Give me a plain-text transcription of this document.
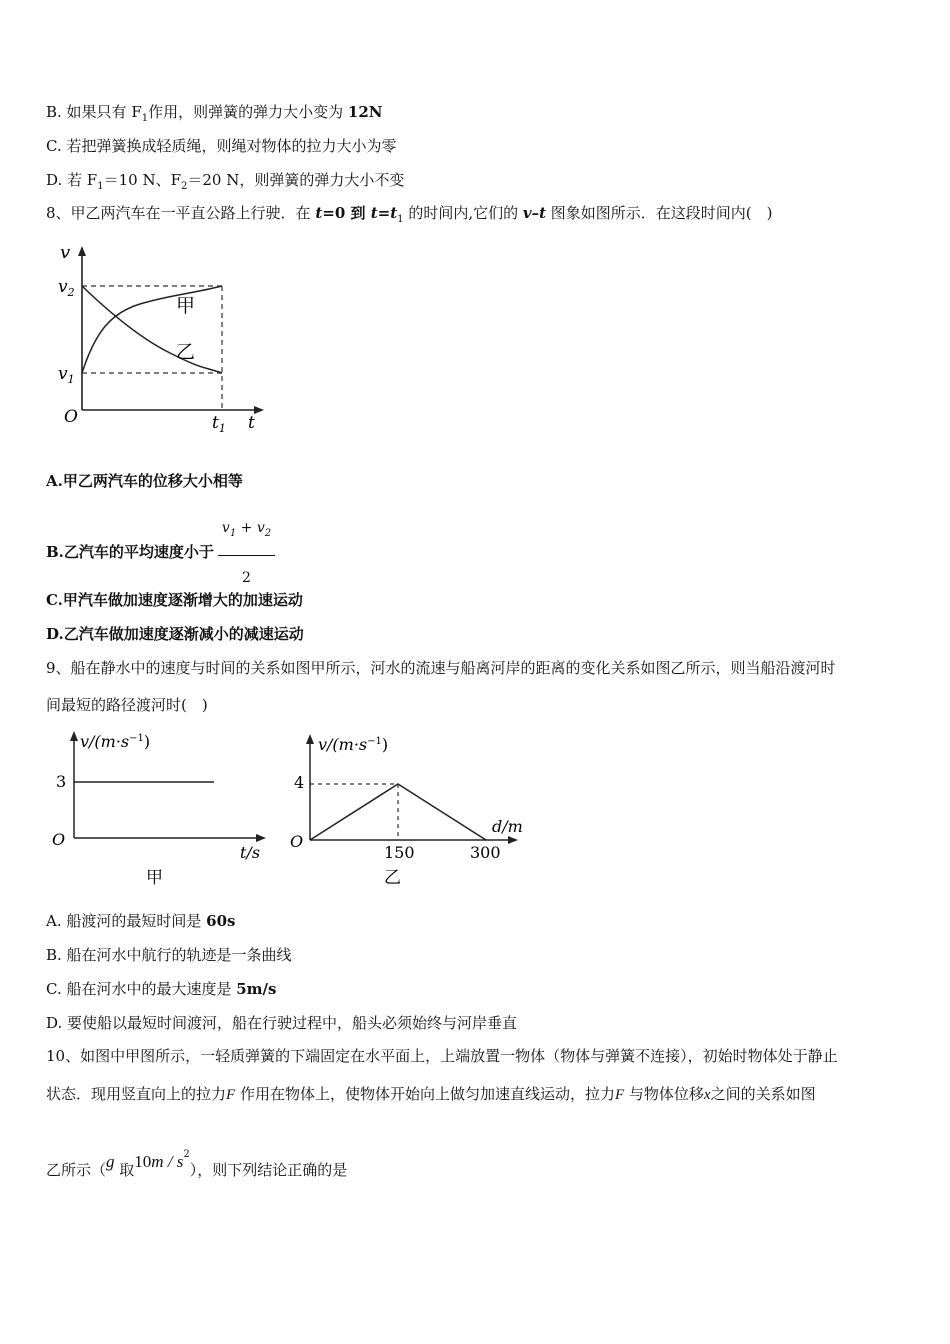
B. 如果只有 $F_1$作用，则弹簧的弹力大小变为 12N
C. 若把弹簧换成轻质绳，则绳对物体的拉力大小为零
D. 若 $F_1=10$ N、$F_2=20$ N，则弹簧的弹力大小不变
8、甲乙两汽车在一平直公路上行驶．在 t=0 到 $t=t_1$ 的时间内,它们的 v–t 图象如图所示．在这段时间内(　)
v
$v_2$
$v_1$
O	$t_1$ t
甲
乙
A.甲乙两汽车的位移大小相等
B.乙汽车的平均速度小于 $\frac{v_1 + v_2}{2}$
C.甲汽车做加速度逐渐增大的加速运动
D.乙汽车做加速度逐渐减小的减速运动
9、船在静水中的速度与时间的关系如图甲所示，河水的流速与船离河岸的距离的变化关系如图乙所示，则当船沿渡河时
间最短的路径渡河时(　)
$v/(m\cdot s^{-1})$
3
O
t/s
甲
$v/(m\cdot s^{-1})$
4
O
d/m
150	300
乙
A. 船渡河的最短时间是 60s
B. 船在河水中航行的轨迹是一条曲线
C. 船在河水中的最大速度是 5m/s
D. 要使船以最短时间渡河，船在行驶过程中，船头必须始终与河岸垂直
10、如图中甲图所示，一轻质弹簧的下端固定在水平面上，上端放置一物体（物体与弹簧不连接），初始时物体处于静止
状态．现用竖直向上的拉力F 作用在物体上，使物体开始向上做匀加速直线运动，拉力F 与物体位移x之间的关系如图
乙所示（g 取$10m / s^2$），则下列结论正确的是
